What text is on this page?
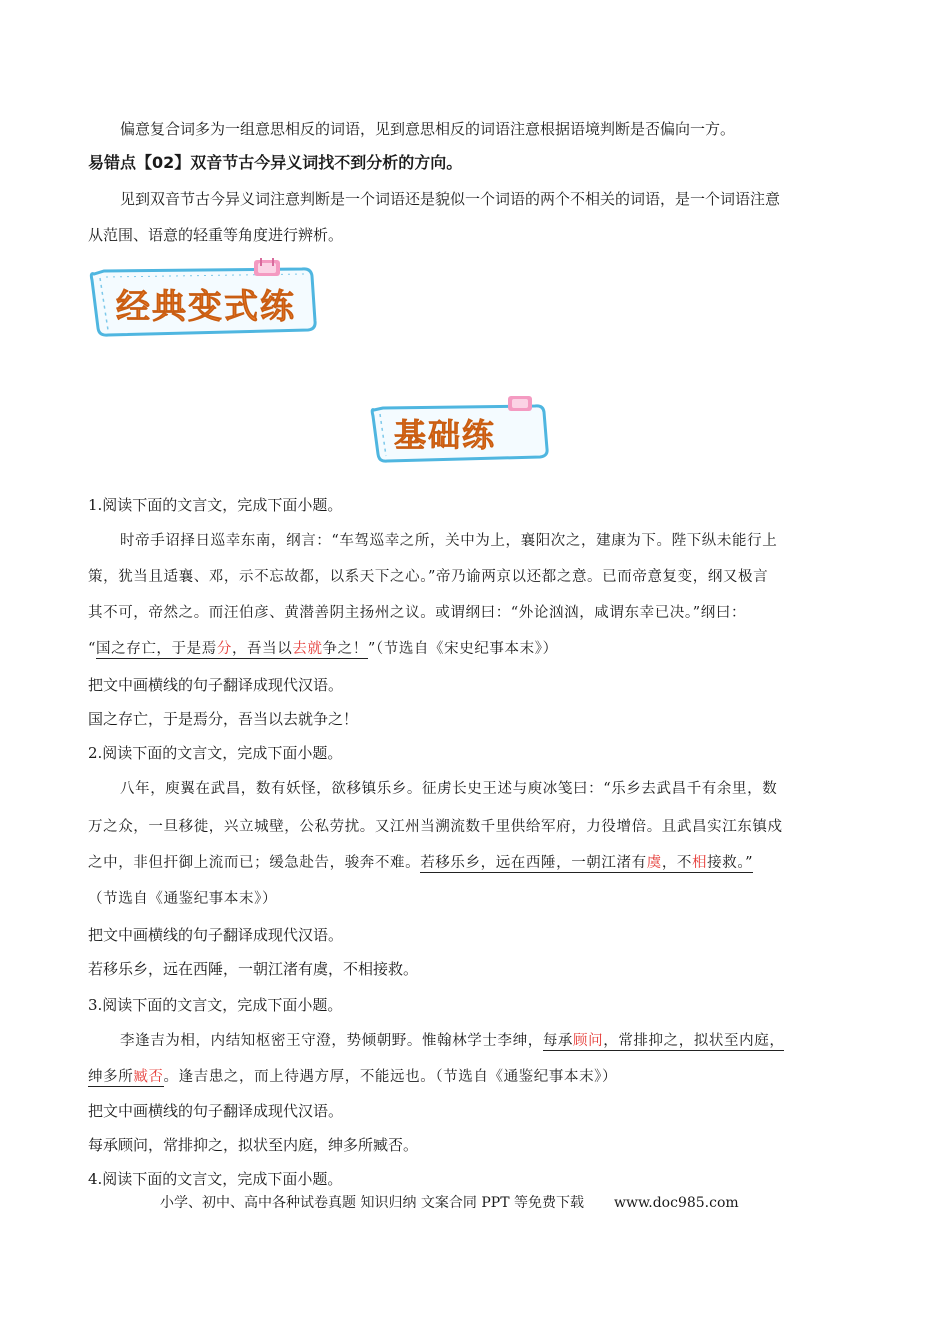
偏意复合词多为一组意思相反的词语，见到意思相反的词语注意根据语境判断是否偏向一方。
易错点【02】双音节古今异义词找不到分析的方向。
见到双音节古今异义词注意判断是一个词语还是貌似一个词语的两个不相关的词语，是一个词语注意
从范围、语意的轻重等角度进行辨析。
经典变式练
基础练
1.阅读下面的文言文，完成下面小题。
时帝手诏择日巡幸东南，纲言：“车驾巡幸之所，关中为上，襄阳次之，建康为下。陛下纵未能行上
策，犹当且适襄、邓，示不忘故都，以系天下之心。”帝乃谕两京以还都之意。已而帝意复变，纲又极言
其不可，帝然之。而汪伯彦、黄潜善阴主扬州之议。或谓纲曰：“外论汹汹，咸谓东幸已决。”纲曰：
“国之存亡，于是焉分，吾当以去就争之！”（节选自《宋史纪事本末》）
把文中画横线的句子翻译成现代汉语。
国之存亡，于是焉分，吾当以去就争之！
2.阅读下面的文言文，完成下面小题。
八年，庾翼在武昌，数有妖怪，欲移镇乐乡。征虏长史王述与庾冰笺曰：“乐乡去武昌千有余里，数
万之众，一旦移徙，兴立城壁，公私劳扰。又江州当溯流数千里供给军府，力役增倍。且武昌实江东镇戍
之中，非但扞御上流而已；缓急赴告，骏奔不难。若移乐乡，远在西陲，一朝江渚有虞，不相接救。”
（节选自《通鉴纪事本末》）
把文中画横线的句子翻译成现代汉语。
若移乐乡，远在西陲，一朝江渚有虞，不相接救。
3.阅读下面的文言文，完成下面小题。
李逢吉为相，内结知枢密王守澄，势倾朝野。惟翰林学士李绅，每承顾问，常排抑之，拟状至内庭，
绅多所臧否。逢吉患之，而上待遇方厚，不能远也。（节选自《通鉴纪事本末》）
把文中画横线的句子翻译成现代汉语。
每承顾问，常排抑之，拟状至内庭，绅多所臧否。
4.阅读下面的文言文，完成下面小题。
小学、初中、高中各种试卷真题 知识归纳 文案合同 PPT 等免费下载 www.doc985.com
